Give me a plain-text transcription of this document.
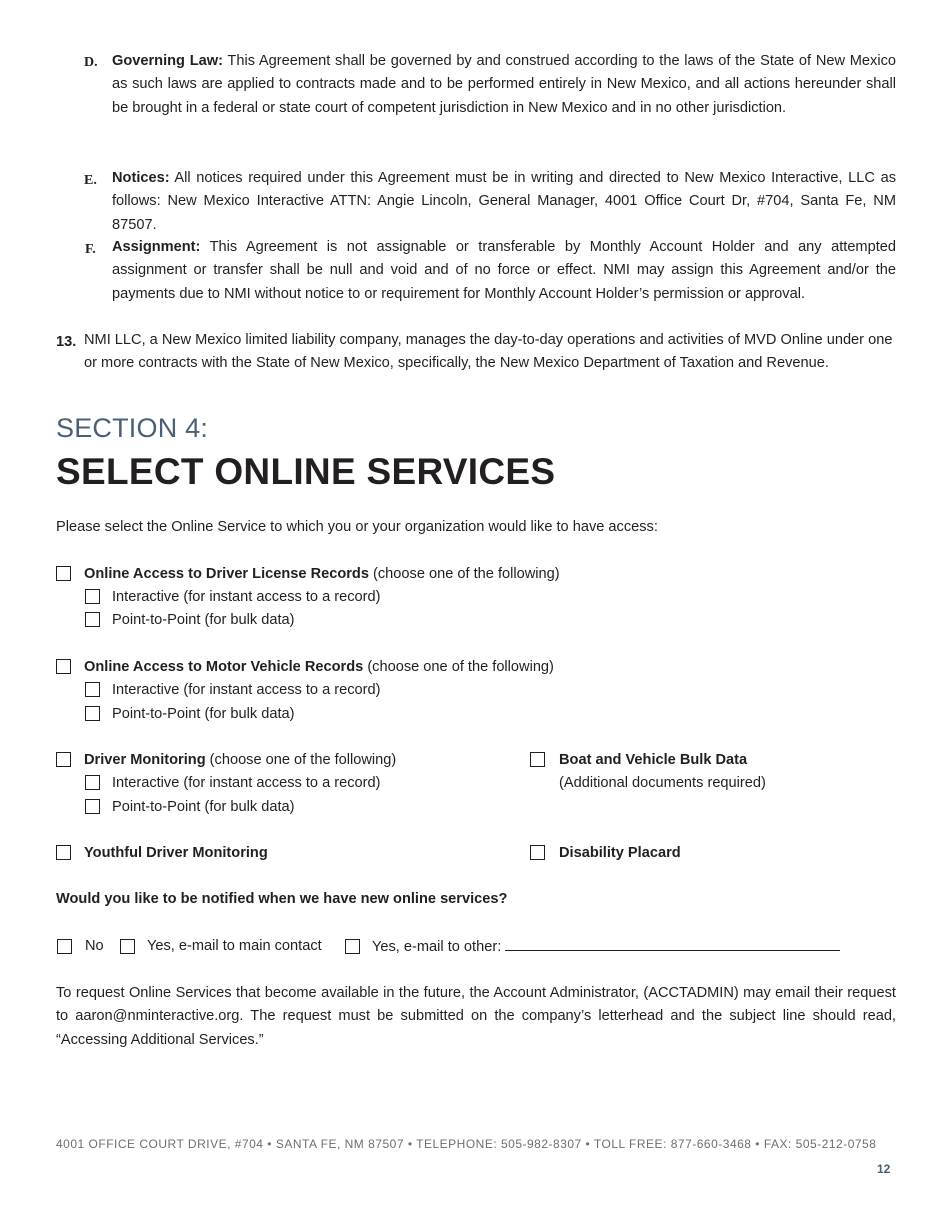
D. Governing Law: This Agreement shall be governed by and construed according to the laws of the State of New Mexico as such laws are applied to contracts made and to be performed entirely in New Mexico, and all actions hereunder shall be brought in a federal or state court of competent jurisdiction in New Mexico and in no other jurisdiction.
E. Notices: All notices required under this Agreement must be in writing and directed to New Mexico Interactive, LLC as follows: New Mexico Interactive ATTN: Angie Lincoln, General Manager, 4001 Office Court Dr, #704, Santa Fe, NM 87507.
F. Assignment: This Agreement is not assignable or transferable by Monthly Account Holder and any attempted assignment or transfer shall be null and void and of no force or effect. NMI may assign this Agreement and/or the payments due to NMI without notice to or requirement for Monthly Account Holder’s permission or approval.
13. NMI LLC, a New Mexico limited liability company, manages the day-to-day operations and activities of MVD Online under one or more contracts with the State of New Mexico, specifically, the New Mexico Department of Taxation and Revenue.
SECTION 4:
SELECT ONLINE SERVICES
Please select the Online Service to which you or your organization would like to have access:
Online Access to Driver License Records (choose one of the following)
Interactive (for instant access to a record)
Point-to-Point (for bulk data)
Online Access to Motor Vehicle Records (choose one of the following)
Interactive (for instant access to a record)
Point-to-Point (for bulk data)
Driver Monitoring (choose one of the following)
Interactive (for instant access to a record)
Point-to-Point (for bulk data)
Boat and Vehicle Bulk Data
(Additional documents required)
Youthful Driver Monitoring	Disability Placard
Would you like to be notified when we have new online services?
No	Yes, e-mail to main contact	Yes, e-mail to other:
To request Online Services that become available in the future, the Account Administrator, (ACCTADMIN) may email their request to aaron@nminteractive.org. The request must be submitted on the company’s letterhead and the subject line should read, “Accessing Additional Services.”
4001 OFFICE COURT DRIVE, #704 • SANTA FE, NM 87507 • TELEPHONE: 505-982-8307 • TOLL FREE: 877-660-3468 • FAX: 505-212-0758
12
